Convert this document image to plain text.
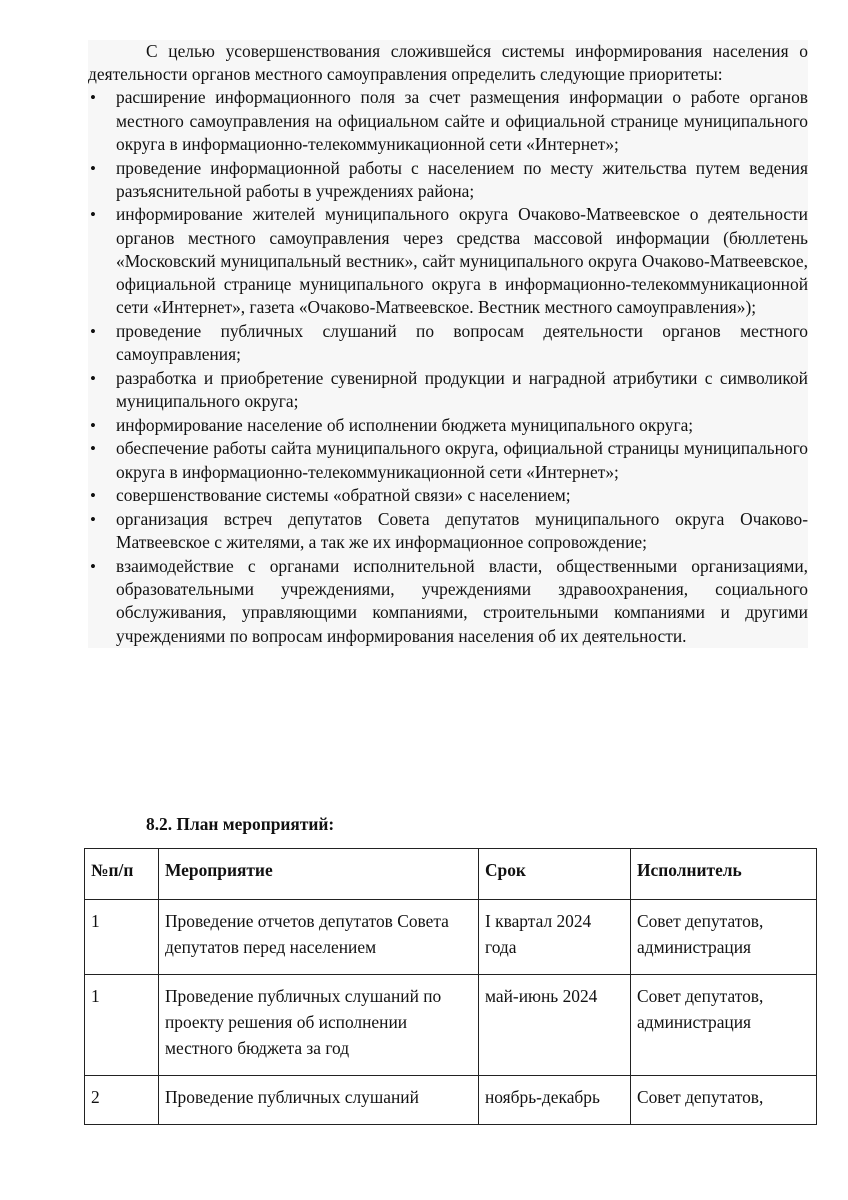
С целью усовершенствования сложившейся системы информирования населения о деятельности органов местного самоуправления определить следующие приоритеты:

• расширение информационного поля за счет размещения информации о работе органов местного самоуправления на официальном сайте и официальной странице муниципального округа в информационно-телекоммуникационной сети «Интернет»;
• проведение информационной работы с населением по месту жительства путем ведения разъяснительной работы в учреждениях района;
• информирование жителей муниципального округа Очаково-Матвеевское о деятельности органов местного самоуправления через средства массовой информации (бюллетень «Московский муниципальный вестник», сайт муниципального округа Очаково-Матвеевское, официальной странице муниципального округа в информационно-телекоммуникационной сети «Интернет», газета «Очаково-Матвеевское. Вестник местного самоуправления»);
• проведение публичных слушаний по вопросам деятельности органов местного самоуправления;
• разработка и приобретение сувенирной продукции и наградной атрибутики с символикой муниципального округа;
• информирование население об исполнении бюджета муниципального округа;
• обеспечение работы сайта муниципального округа, официальной страницы муниципального округа в информационно-телекоммуникационной сети «Интернет»;
• совершенствование системы «обратной связи» с населением;
• организация встреч депутатов Совета депутатов муниципального округа Очаково-Матвеевское с жителями, а так же их информационное сопровождение;
• взаимодействие с органами исполнительной власти, общественными организациями, образовательными учреждениями, учреждениями здравоохранения, социального обслуживания, управляющими компаниями, строительными компаниями и другими учреждениями по вопросам информирования населения об их деятельности.
8.2. План мероприятий:
№п/п	Мероприятие	Срок	Исполнитель
1	Проведение отчетов депутатов Совета депутатов перед населением	I квартал 2024 года	Совет депутатов, администрация
1	Проведение публичных слушаний по проекту решения об исполнении местного бюджета за год	май-июнь 2024	Совет депутатов, администрация
2	Проведение публичных слушаний	ноябрь-декабрь	Совет депутатов,
